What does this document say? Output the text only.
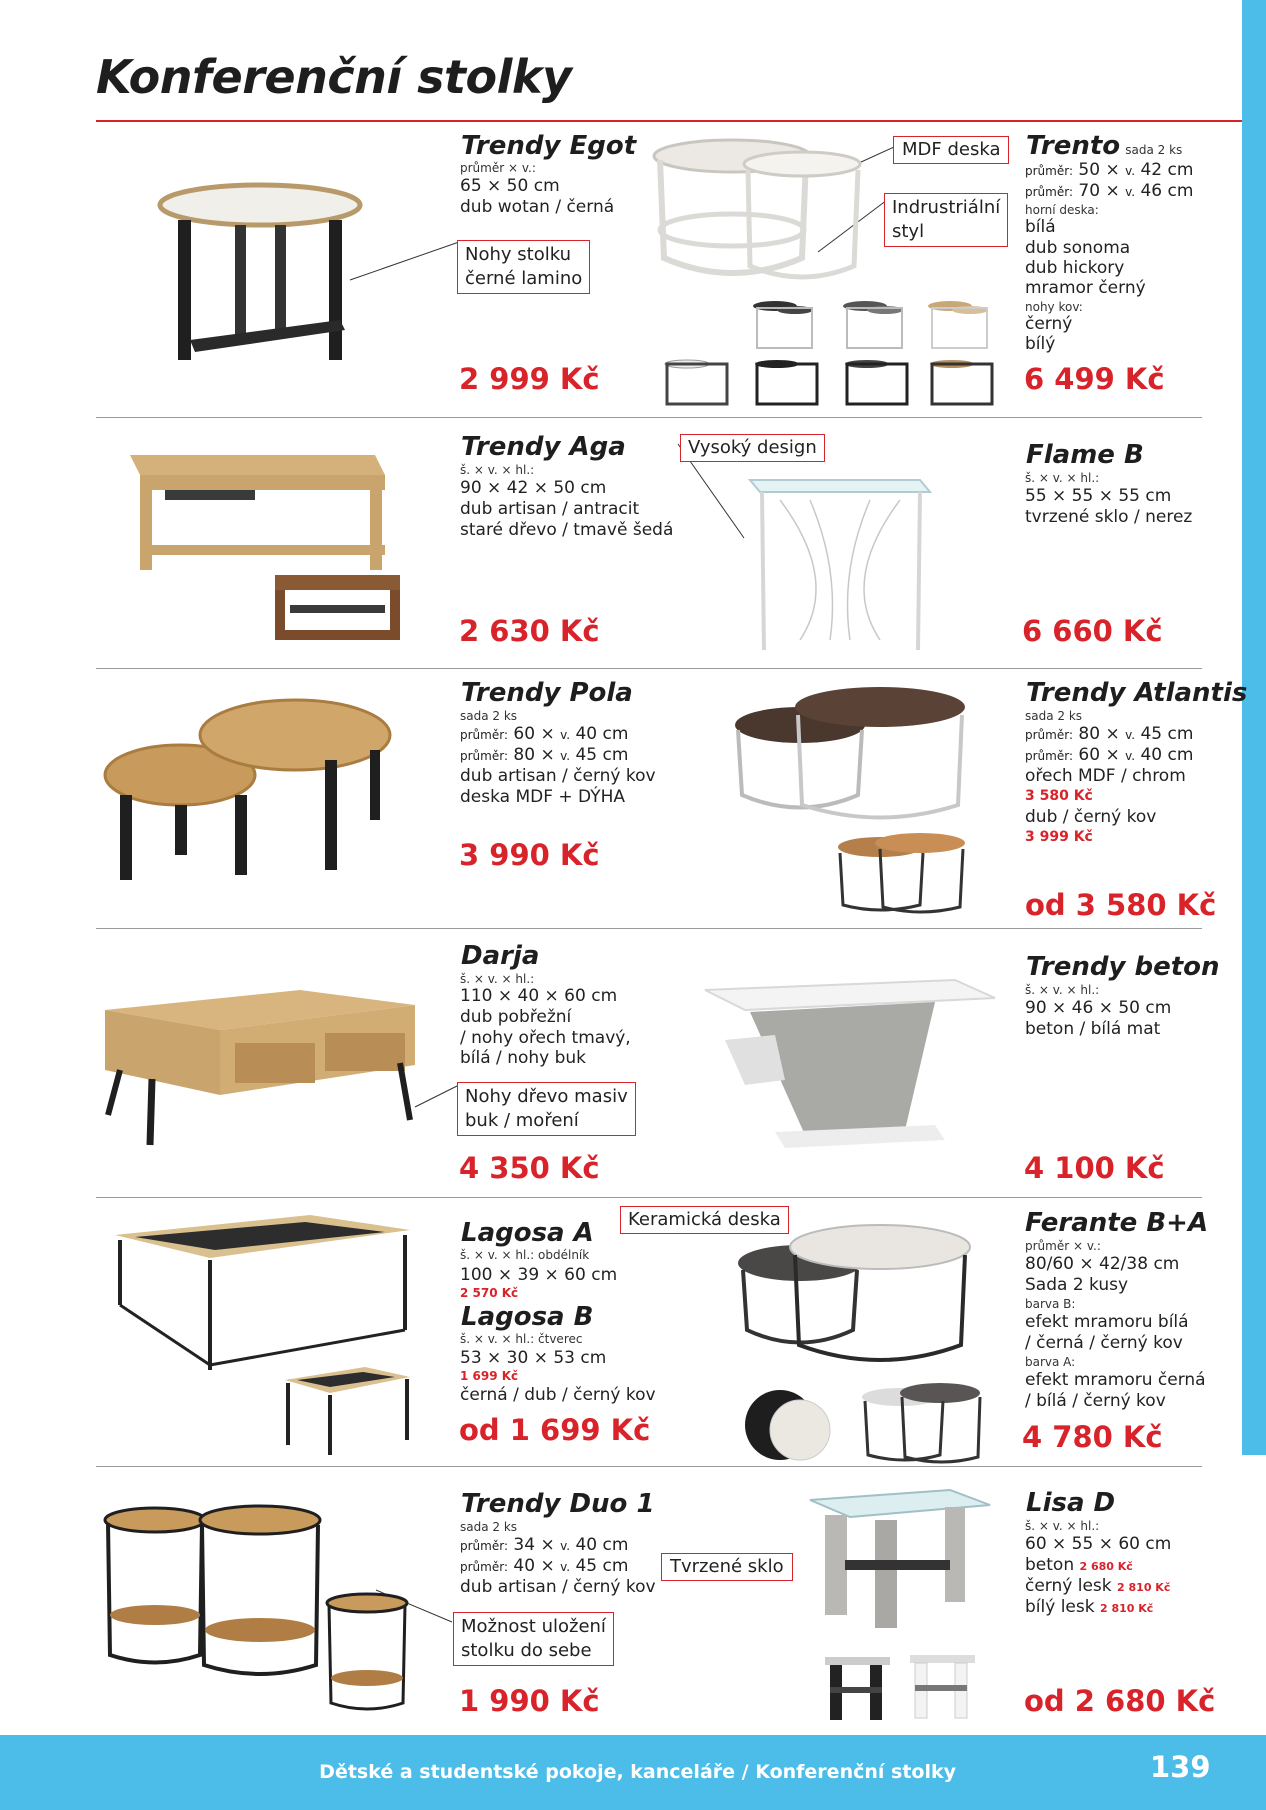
Konferenční stolky
Trendy Egot
průměr × v.:
65 × 50 cm
dub wotan / černá
Nohy stolku
černé lamino
2 999 Kč
MDF deska
Indrustriální
styl
Trento sada 2 ks
průměr: 50 × v. 42 cm
průměr: 70 × v. 46 cm
horní deska:
bílá
dub sonoma
dub hickory
mramor černý
nohy kov:
černý
bílý
6 499 Kč
Trendy Aga
š. × v. × hl.:
90 × 42 × 50 cm
dub artisan / antracit
staré dřevo / tmavě šedá
2 630 Kč
Vysoký design	Flame B
š. × v. × hl.:
55 × 55 × 55 cm
tvrzené sklo / nerez
6 660 Kč
Trendy Pola
sada 2 ks
průměr: 60 × v. 40 cm
průměr: 80 × v. 45 cm
dub artisan / černý kov
deska MDF + DÝHA
3 990 Kč
Trendy Atlantis
sada 2 ks
průměr: 80 × v. 45 cm
průměr: 60 × v. 40 cm
ořech MDF / chrom
3 580 Kč
dub / černý kov
3 999 Kč
od 3 580 Kč
Darja
š. × v. × hl.:
110 × 40 × 60 cm
dub pobřežní
/ nohy ořech tmavý,
bílá / nohy buk
Nohy dřevo masiv
buk / moření
4 350 Kč
Trendy beton
š. × v. × hl.:
90 × 46 × 50 cm
beton / bílá mat
4 100 Kč
Lagosa A
š. × v. × hl.: obdélník
100 × 39 × 60 cm
2 570 Kč
Lagosa B
š. × v. × hl.: čtverec
53 × 30 × 53 cm
1 699 Kč
černá / dub / černý kov
od 1 699 Kč
Keramická deska	Ferante B+A
průměr × v.:
80/60 × 42/38 cm
Sada 2 kusy
barva B:
efekt mramoru bílá
/ černá / černý kov
barva A:
efekt mramoru černá
/ bílá / černý kov
4 780 Kč
Trendy Duo 1
sada 2 ks
průměr: 34 × v. 40 cm
průměr: 40 × v. 45 cm
dub artisan / černý kov
Možnost uložení
stolku do sebe
1 990 Kč
Tvrzené sklo
Lisa D
š. × v. × hl.:
60 × 55 × 60 cm
beton 2 680 Kč
černý lesk 2 810 Kč
bílý lesk 2 810 Kč
od 2 680 Kč
Dětské a studentské pokoje, kanceláře / Konferenční stolky	139
